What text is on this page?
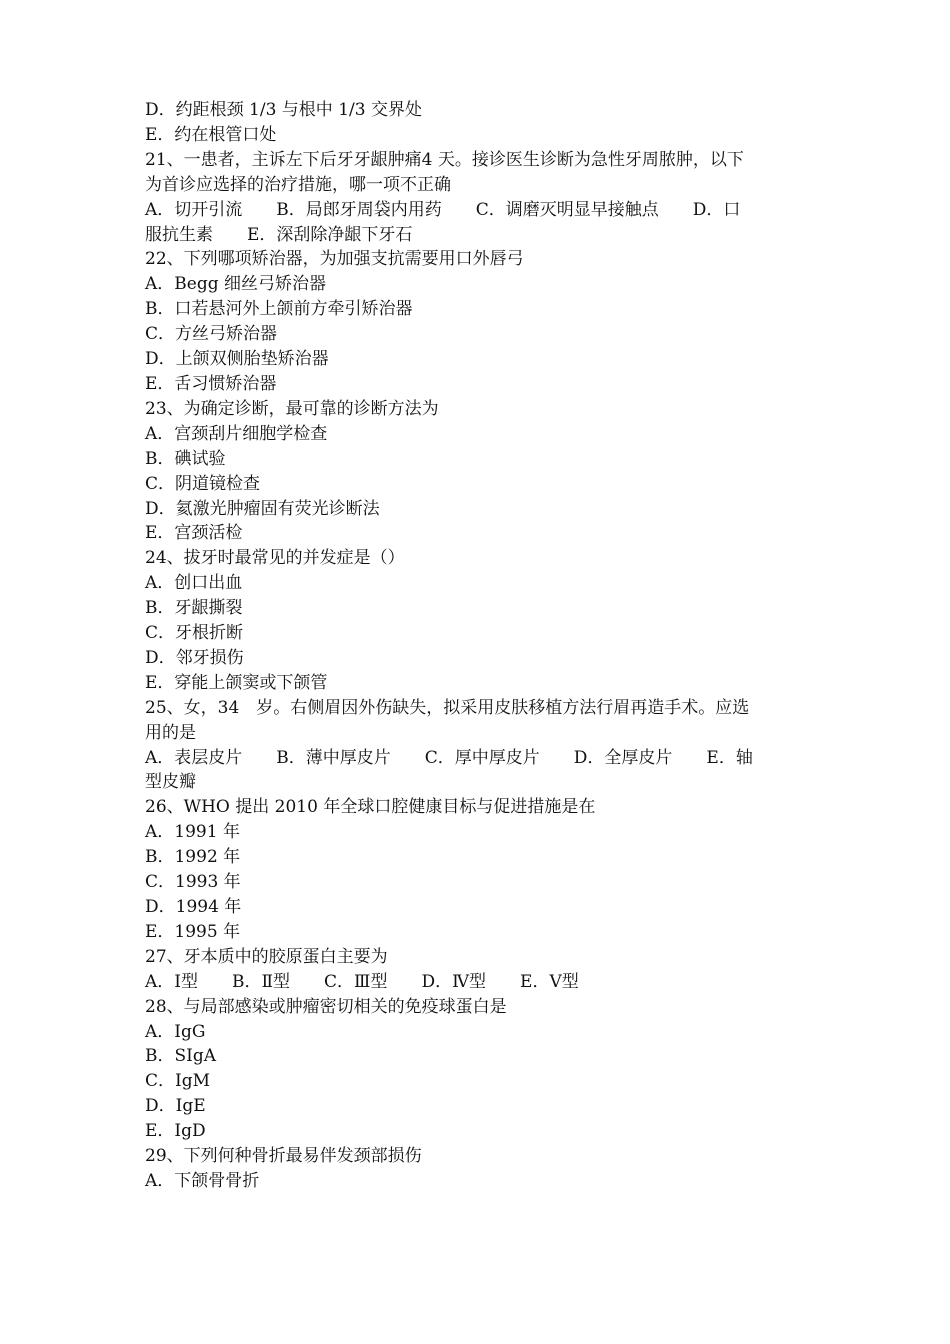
D．约距根颈 1/3 与根中 1/3 交界处
E．约在根管口处
21、一患者，主诉左下后牙牙龈肿痛4 天。接诊医生诊断为急性牙周脓肿，以下
为首诊应选择的治疗措施，哪一项不正确
A．切开引流　　B．局郎牙周袋内用药　　C．调磨灭明显早接触点　　D．口
服抗生素　　E．深刮除净龈下牙石
22、下列哪项矫治器，为加强支抗需要用口外唇弓
A．Begg 细丝弓矫治器
B．口若悬河外上颌前方牵引矫治器
C．方丝弓矫治器
D．上颌双侧胎垫矫治器
E．舌习惯矫治器
23、为确定诊断，最可靠的诊断方法为
A．宫颈刮片细胞学检查
B．碘试验
C．阴道镜检查
D．氦激光肿瘤固有荧光诊断法
E．宫颈活检
24、拔牙时最常见的并发症是（）
A．创口出血
B．牙龈撕裂
C．牙根折断
D．邻牙损伤
E．穿能上颌窦或下颌管
25、女，34　岁。右侧眉因外伤缺失，拟采用皮肤移植方法行眉再造手术。应选
用的是
A．表层皮片　　B．薄中厚皮片　　C．厚中厚皮片　　D．全厚皮片　　E．轴
型皮瓣
26、WHO 提出 2010 年全球口腔健康目标与促进措施是在
A．1991 年
B．1992 年
C．1993 年
D．1994 年
E．1995 年
27、牙本质中的胶原蛋白主要为
A．Ⅰ型　　B．Ⅱ型　　C．Ⅲ型　　D．Ⅳ型　　E．Ⅴ型
28、与局部感染或肿瘤密切相关的免疫球蛋白是
A．IgG
B．SIgA
C．IgM
D．IgE
E．IgD
29、下列何种骨折最易伴发颈部损伤
A．下颌骨骨折
